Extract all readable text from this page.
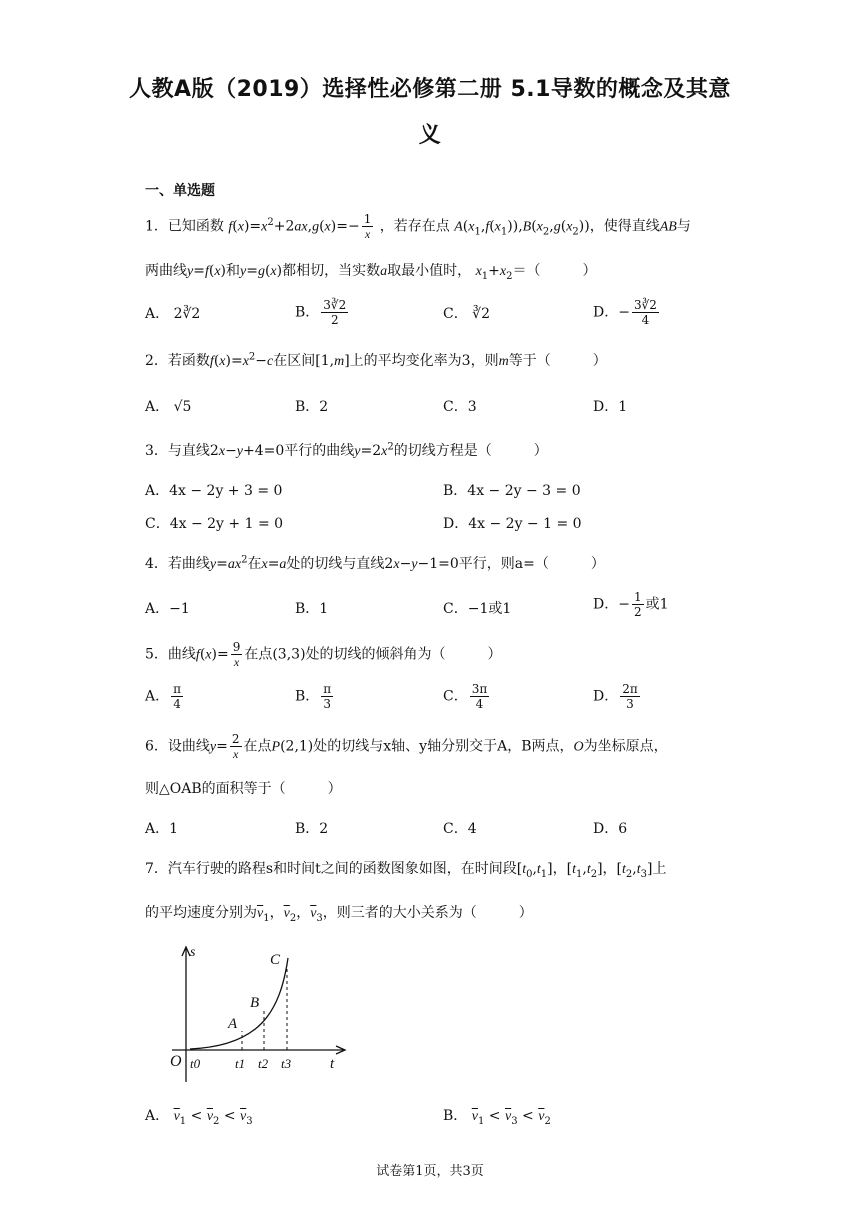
人教A版（2019）选择性必修第二册 5.1导数的概念及其意
义
一、单选题
1．已知函数 $f(x)=x^2+2ax,g(x)=- \frac{1}{x}$ ，若存在点 $A(x_1,f(x_1)),B(x_2,g(x_2))$，使得直线AB与
两曲线y=f(x)和y=g(x)都相切，当实数a取最小值时， $x_1+x_2=$（　　　）
A． 2∛2	B． $\frac{3∛2}{2}$	C． ∛2	D．− $\frac{3∛2}{4}$
2．若函数$f(x)=x^2-c$在区间[1,m]上的平均变化率为3，则m等于（　　　）
A． √5	B．2	C．3	D．1
3．与直线2x−y+4=0平行的曲线$y=2x^2$的切线方程是（　　　）
A．4x − 2y + 3 = 0	B．4x − 2y − 3 = 0
C．4x − 2y + 1 = 0	D．4x − 2y − 1 = 0
4．若曲线$y=ax^2$在x=a处的切线与直线2x−y−1=0平行，则a=（　　　）
A．−1	B．1	C．−1或1	D．− $\frac{1}{2}$ 或1
5．曲线$f(x)= \frac{9}{x}$ 在点(3,3)处的切线的倾斜角为（　　　）
A． $\frac{\pi}{4}$	B． $\frac{\pi}{3}$	C． $\frac{3\pi}{4}$	D． $\frac{2\pi}{3}$
6．设曲线$y= \frac{2}{x}$ 在点P(2,1)处的切线与x轴、y轴分别交于A，B两点，O为坐标原点，
则△OAB的面积等于（　　　）
A．1	B．2	C．4	D．6
7．汽车行驶的路程s和时间t之间的函数图象如图，在时间段$[t_0,t_1]$，$[t_1,t_2]$，$[t_2,t_3]$上
的平均速度分别为$\overline{v}_1$，$\overline{v}_2$，$\overline{v}_3$，则三者的大小关系为（　　　）
s
t
O
A
B
C
t0	t1 t2 t3
A． $\overline{v}_1 < \overline{v}_2 < \overline{v}_3$	B． $\overline{v}_1 < \overline{v}_3 < \overline{v}_2$
试卷第1页，共3页
